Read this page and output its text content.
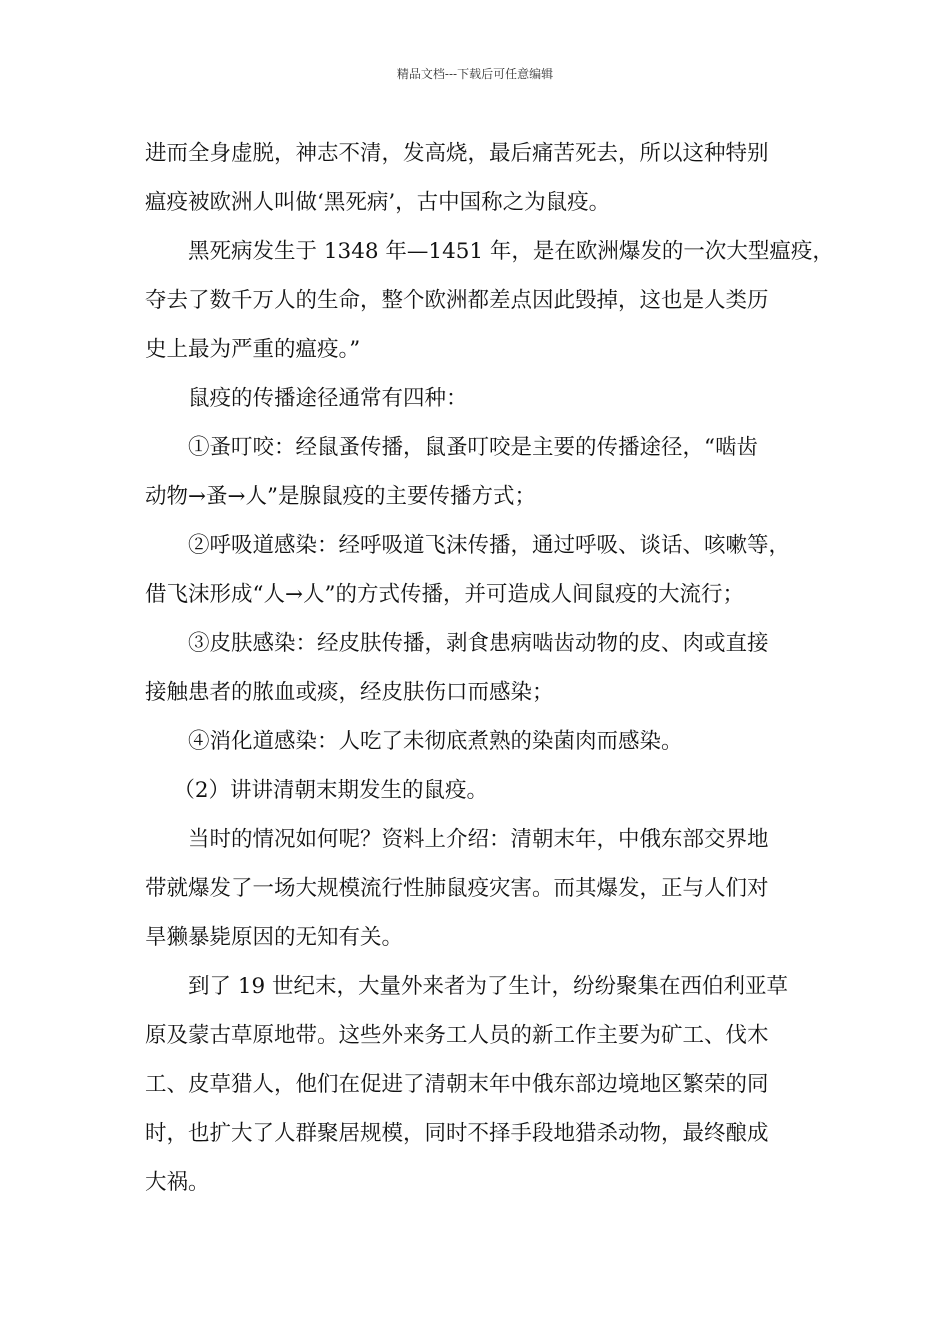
精品文档---下载后可任意编辑

进而全身虚脱，神志不清，发高烧，最后痛苦死去，所以这种特别

瘟疫被欧洲人叫做‘黑死病’，古中国称之为鼠疫。

　　黑死病发生于 1348 年—1451 年，是在欧洲爆发的一次大型瘟疫，

夺去了数千万人的生命，整个欧洲都差点因此毁掉，这也是人类历

史上最为严重的瘟疫。”

　　鼠疫的传播途径通常有四种：

　　①蚤叮咬：经鼠蚤传播，鼠蚤叮咬是主要的传播途径，“啮齿

动物→蚤→人”是腺鼠疫的主要传播方式；

　　②呼吸道感染：经呼吸道飞沫传播，通过呼吸、谈话、咳嗽等，

借飞沫形成“人→人”的方式传播，并可造成人间鼠疫的大流行；

　　③皮肤感染：经皮肤传播，剥食患病啮齿动物的皮、肉或直接

接触患者的脓血或痰，经皮肤伤口而感染；

　　④消化道感染：人吃了未彻底煮熟的染菌肉而感染。

　 （2）讲讲清朝末期发生的鼠疫。

　　当时的情况如何呢？资料上介绍：清朝末年，中俄东部交界地

带就爆发了一场大规模流行性肺鼠疫灾害。而其爆发，正与人们对

旱獭暴毙原因的无知有关。

　　到了 19 世纪末，大量外来者为了生计，纷纷聚集在西伯利亚草

原及蒙古草原地带。这些外来务工人员的新工作主要为矿工、伐木

工、皮草猎人，他们在促进了清朝末年中俄东部边境地区繁荣的同

时，也扩大了人群聚居规模，同时不择手段地猎杀动物，最终酿成

大祸。
